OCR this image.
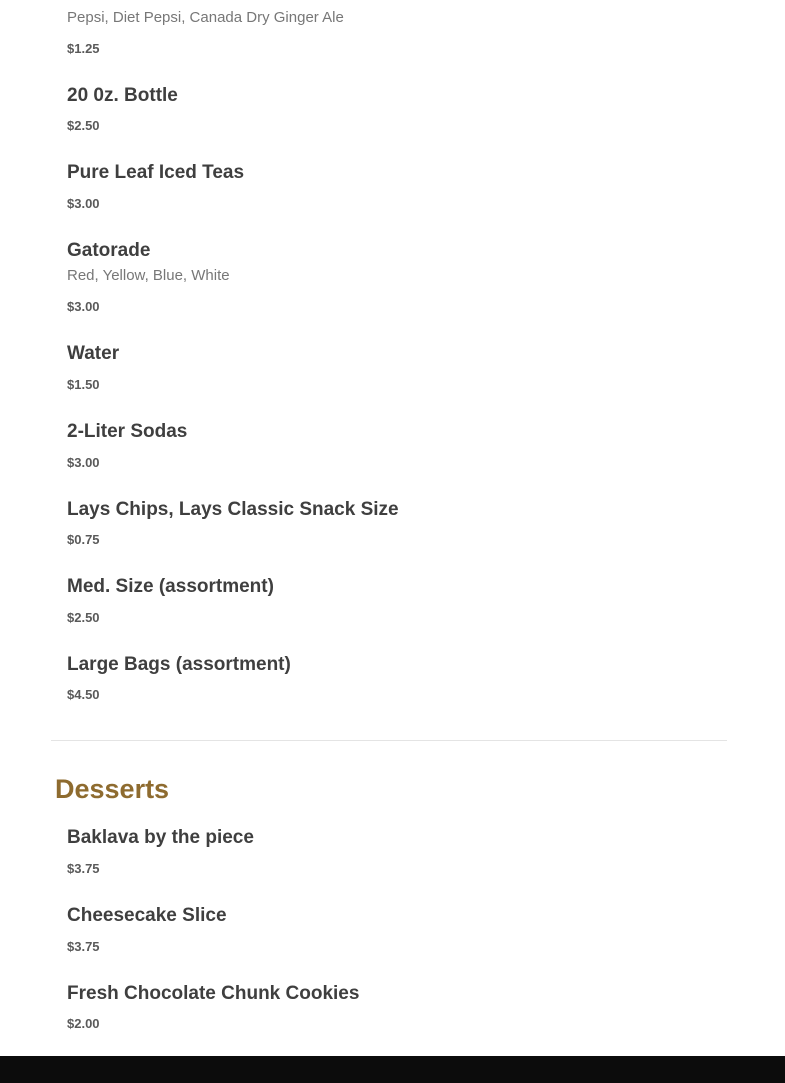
Pepsi, Diet Pepsi, Canada Dry Ginger Ale
$1.25
20 0z. Bottle
$2.50
Pure Leaf Iced Teas
$3.00
Gatorade
Red, Yellow, Blue, White
$3.00
Water
$1.50
2-Liter Sodas
$3.00
Lays Chips, Lays Classic Snack Size
$0.75
Med. Size (assortment)
$2.50
Large Bags (assortment)
$4.50
Desserts
Baklava by the piece
$3.75
Cheesecake Slice
$3.75
Fresh Chocolate Chunk Cookies
$2.00
